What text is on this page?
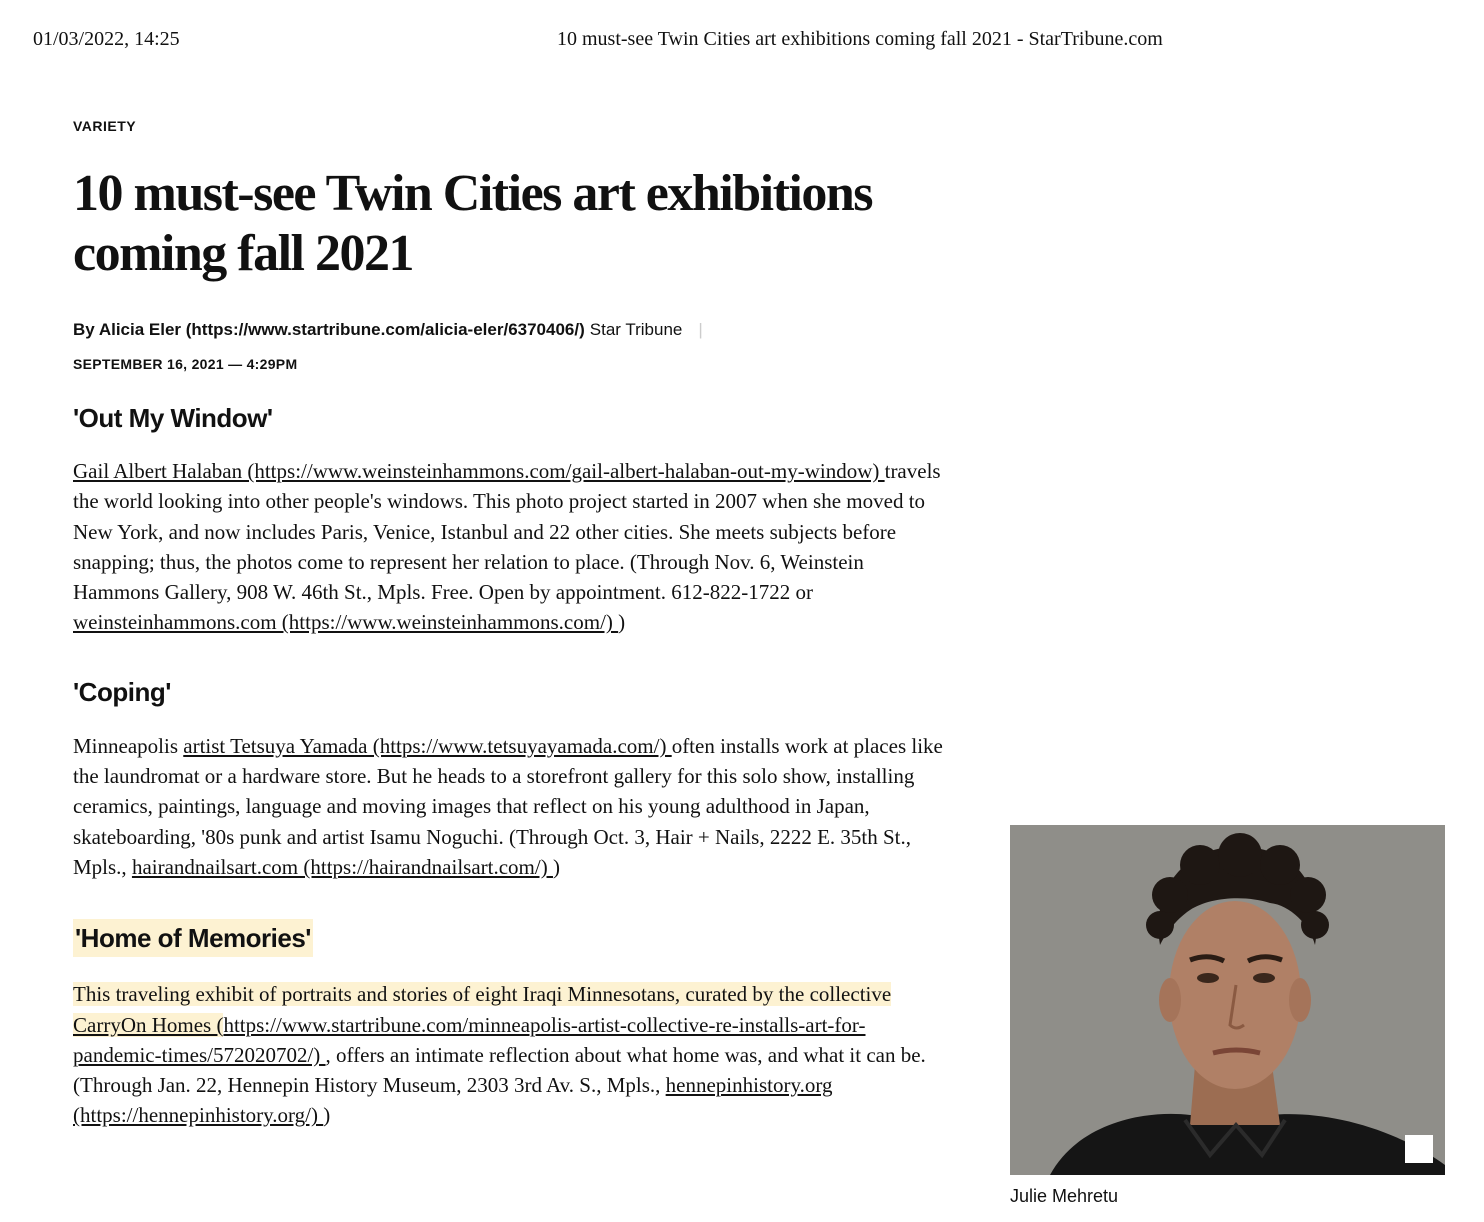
01/03/2022, 14:25	10 must-see Twin Cities art exhibitions coming fall 2021 - StarTribune.com
VARIETY
10 must-see Twin Cities art exhibitions coming fall 2021
By Alicia Eler (https://www.startribune.com/alicia-eler/6370406/) Star Tribune |
SEPTEMBER 16, 2021 — 4:29PM
'Out My Window'

Gail Albert Halaban (https://www.weinsteinhammons.com/gail-albert-halaban-out-my-window) travels the world looking into other people's windows. This photo project started in 2007 when she moved to New York, and now includes Paris, Venice, Istanbul and 22 other cities. She meets subjects before snapping; thus, the photos come to represent her relation to place. (Through Nov. 6, Weinstein Hammons Gallery, 908 W. 46th St., Mpls. Free. Open by appointment. 612-822-1722 or weinsteinhammons.com (https://www.weinsteinhammons.com/) )

'Coping'

Minneapolis artist Tetsuya Yamada (https://www.tetsuyayamada.com/) often installs work at places like the laundromat or a hardware store. But he heads to a storefront gallery for this solo show, installing ceramics, paintings, language and moving images that reflect on his young adulthood in Japan, skateboarding, '80s punk and artist Isamu Noguchi. (Through Oct. 3, Hair + Nails, 2222 E. 35th St., Mpls., hairandnailsart.com (https://hairandnailsart.com/) )

'Home of Memories'

This traveling exhibit of portraits and stories of eight Iraqi Minnesotans, curated by the collective CarryOn Homes (https://www.startribune.com/minneapolis-artist-collective-re-installs-art-for-pandemic-times/572020702/) , offers an intimate reflection about what home was, and what it can be. (Through Jan. 22, Hennepin History Museum, 2303 3rd Av. S., Mpls., hennepinhistory.org (https://hennepinhistory.org/) )

Julie Mehretu
